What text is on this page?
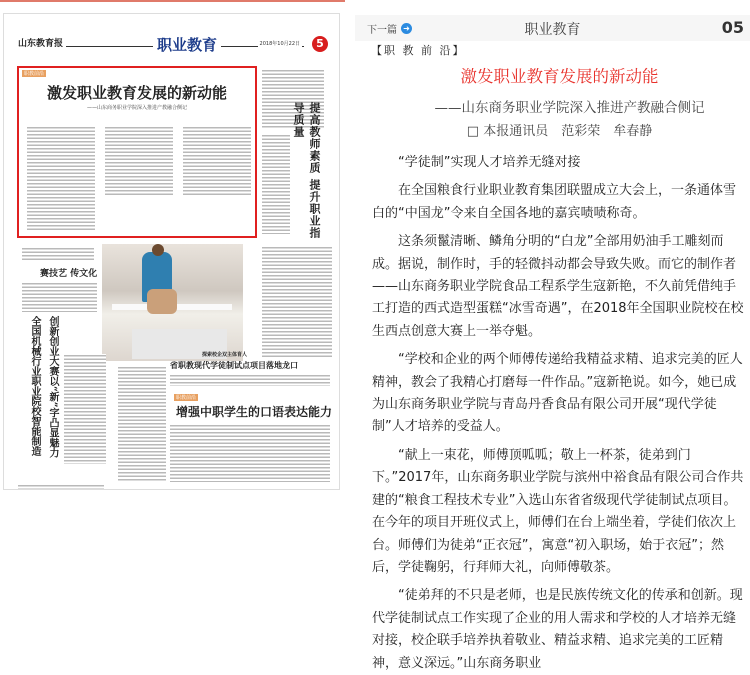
山东教育报	职业教育	2018年10月22日	5
职教前沿
激发职业教育发展的新动能
——山东商务职业学院深入推进产教融合侧记	提高教师素质 提升职业指导质量
赛技艺 传文化
全国机械行业职业院校智能制造 创新创业大赛以“新”字凸显魅力	探索校企双主体育人
省职教现代学徒制试点项目落地龙口
职教前沿
增强中职学生的口语表达能力
下一篇 ➜	职业教育	05
【职 教 前 沿】
激发职业教育发展的新动能
——山东商务职业学院深入推进产教融合侧记
□ 本报通讯员　范彩荣　牟春静

“学徒制”实现人才培养无缝对接

在全国粮食行业职业教育集团联盟成立大会上，一条通体雪白的“中国龙”令来自全国各地的嘉宾啧啧称奇。

这条须鬣清晰、鳞角分明的“白龙”全部用奶油手工雕刻而成。据说，制作时，手的轻微抖动都会导致失败。而它的制作者——山东商务职业学院食品工程系学生寇新艳，不久前凭借纯手工打造的西式造型蛋糕“冰雪奇遇”，在2018年全国职业院校在校生西点创意大赛上一举夺魁。

“学校和企业的两个师傅传递给我精益求精、追求完美的匠人精神，教会了我精心打磨每一件作品。”寇新艳说。如今，她已成为山东商务职业学院与青岛丹香食品有限公司开展“现代学徒制”人才培养的受益人。

“献上一束花，师傅顶呱呱；敬上一杯茶，徒弟到门下。”2017年，山东商务职业学院与滨州中裕食品有限公司合作共建的“粮食工程技术专业”入选山东省省级现代学徒制试点项目。在今年的项目开班仪式上，师傅们在台上端坐着，学徒们依次上台。师傅们为徒弟“正衣冠”，寓意“初入职场，始于衣冠”；然后，学徒鞠躬，行拜师大礼，向师傅敬茶。

“徒弟拜的不只是老师，也是民族传统文化的传承和创新。现代学徒制试点工作实现了企业的用人需求和学校的人才培养无缝对接，校企联手培养执着敬业、精益求精、追求完美的工匠精神，意义深远。”山东商务职业
